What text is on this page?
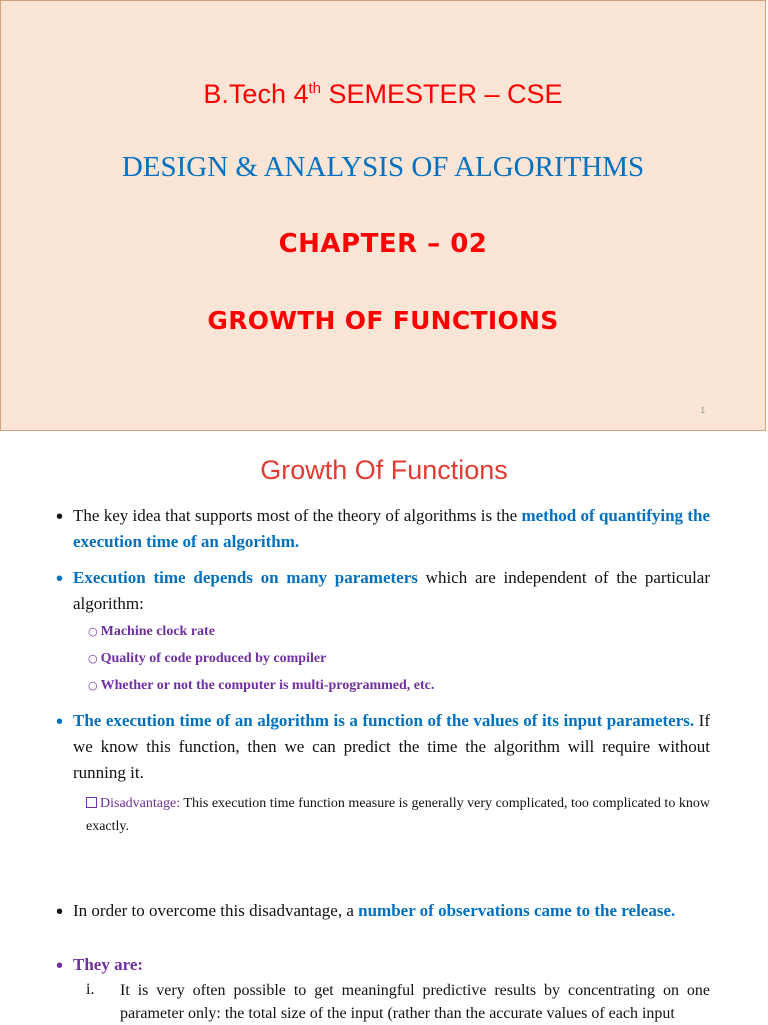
B.Tech 4th SEMESTER – CSE
DESIGN & ANALYSIS OF ALGORITHMS
CHAPTER – 02
GROWTH OF FUNCTIONS
1
Growth Of Functions
• The key idea that supports most of the theory of algorithms is the method of quantifying the execution time of an algorithm.
• Execution time depends on many parameters which are independent of the particular algorithm:
○ Machine clock rate
○ Quality of code produced by compiler
○ Whether or not the computer is multi-programmed, etc.
• The execution time of an algorithm is a function of the values of its input parameters. If we know this function, then we can predict the time the algorithm will require without running it.
Disadvantage: This execution time function measure is generally very complicated, too complicated to know exactly.
• In order to overcome this disadvantage, a number of observations came to the release.
• They are:
i. It is very often possible to get meaningful predictive results by concentrating on one parameter only: the total size of the input (rather than the accurate values of each input
